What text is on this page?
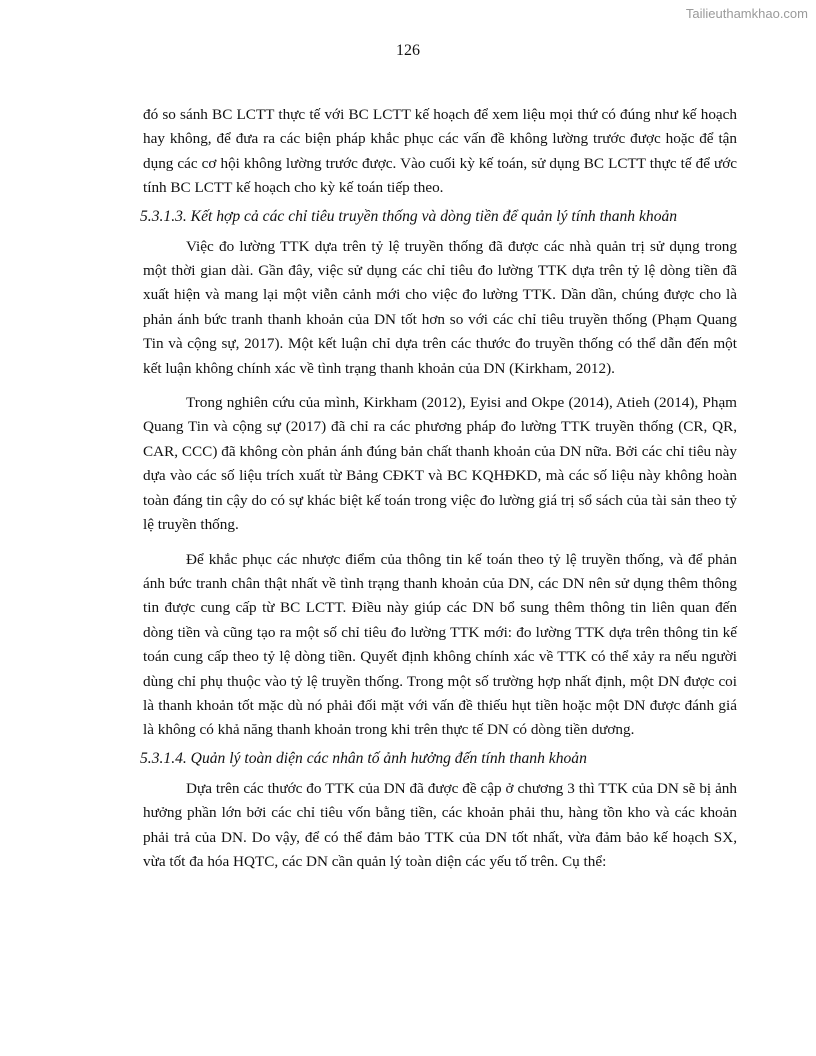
Tailieuthamkhao.com
126

đó so sánh BC LCTT thực tế với BC LCTT kế hoạch để xem liệu mọi thứ có đúng như kế hoạch hay không, để đưa ra các biện pháp khắc phục các vấn đề không lường trước được hoặc để tận dụng các cơ hội không lường trước được. Vào cuối kỳ kế toán, sử dụng BC LCTT thực tế để ước tính BC LCTT kế hoạch cho kỳ kế toán tiếp theo.

5.3.1.3. Kết hợp cả các chỉ tiêu truyền thống và dòng tiền để quản lý tính thanh khoản

Việc đo lường TTK dựa trên tỷ lệ truyền thống đã được các nhà quản trị sử dụng trong một thời gian dài. Gần đây, việc sử dụng các chỉ tiêu đo lường TTK dựa trên tỷ lệ dòng tiền đã xuất hiện và mang lại một viễn cảnh mới cho việc đo lường TTK. Dần dần, chúng được cho là phản ánh bức tranh thanh khoản của DN tốt hơn so với các chỉ tiêu truyền thống (Phạm Quang Tin và cộng sự, 2017). Một kết luận chỉ dựa trên các thước đo truyền thống có thể dẫn đến một kết luận không chính xác về tình trạng thanh khoản của DN (Kirkham, 2012).

Trong nghiên cứu của mình, Kirkham (2012), Eyisi and Okpe (2014), Atieh (2014), Phạm Quang Tin và cộng sự (2017) đã chỉ ra các phương pháp đo lường TTK truyền thống (CR, QR, CAR, CCC) đã không còn phản ánh đúng bản chất thanh khoản của DN nữa. Bởi các chỉ tiêu này dựa vào các số liệu trích xuất từ Bảng CĐKT và BC KQHĐKD, mà các số liệu này không hoàn toàn đáng tin cậy do có sự khác biệt kế toán trong việc đo lường giá trị sổ sách của tài sản theo tỷ lệ truyền thống.

Để khắc phục các nhược điểm của thông tin kế toán theo tỷ lệ truyền thống, và để phản ánh bức tranh chân thật nhất về tình trạng thanh khoản của DN, các DN nên sử dụng thêm thông tin được cung cấp từ BC LCTT. Điều này giúp các DN bổ sung thêm thông tin liên quan đến dòng tiền và cũng tạo ra một số chỉ tiêu đo lường TTK mới: đo lường TTK dựa trên thông tin kế toán cung cấp theo tỷ lệ dòng tiền. Quyết định không chính xác về TTK có thể xảy ra nếu người dùng chỉ phụ thuộc vào tỷ lệ truyền thống. Trong một số trường hợp nhất định, một DN được coi là thanh khoản tốt mặc dù nó phải đối mặt với vấn đề thiếu hụt tiền hoặc một DN được đánh giá là không có khả năng thanh khoản trong khi trên thực tế DN có dòng tiền dương.

5.3.1.4. Quản lý toàn diện các nhân tố ảnh hưởng đến tính thanh khoản

Dựa trên các thước đo TTK của DN đã được đề cập ở chương 3 thì TTK của DN sẽ bị ảnh hưởng phần lớn bởi các chỉ tiêu vốn bằng tiền, các khoản phải thu, hàng tồn kho và các khoản phải trả của DN. Do vậy, để có thể đảm bảo TTK của DN tốt nhất, vừa đảm bảo kế hoạch SX, vừa tốt đa hóa HQTC, các DN cần quản lý toàn diện các yếu tố trên. Cụ thể:
